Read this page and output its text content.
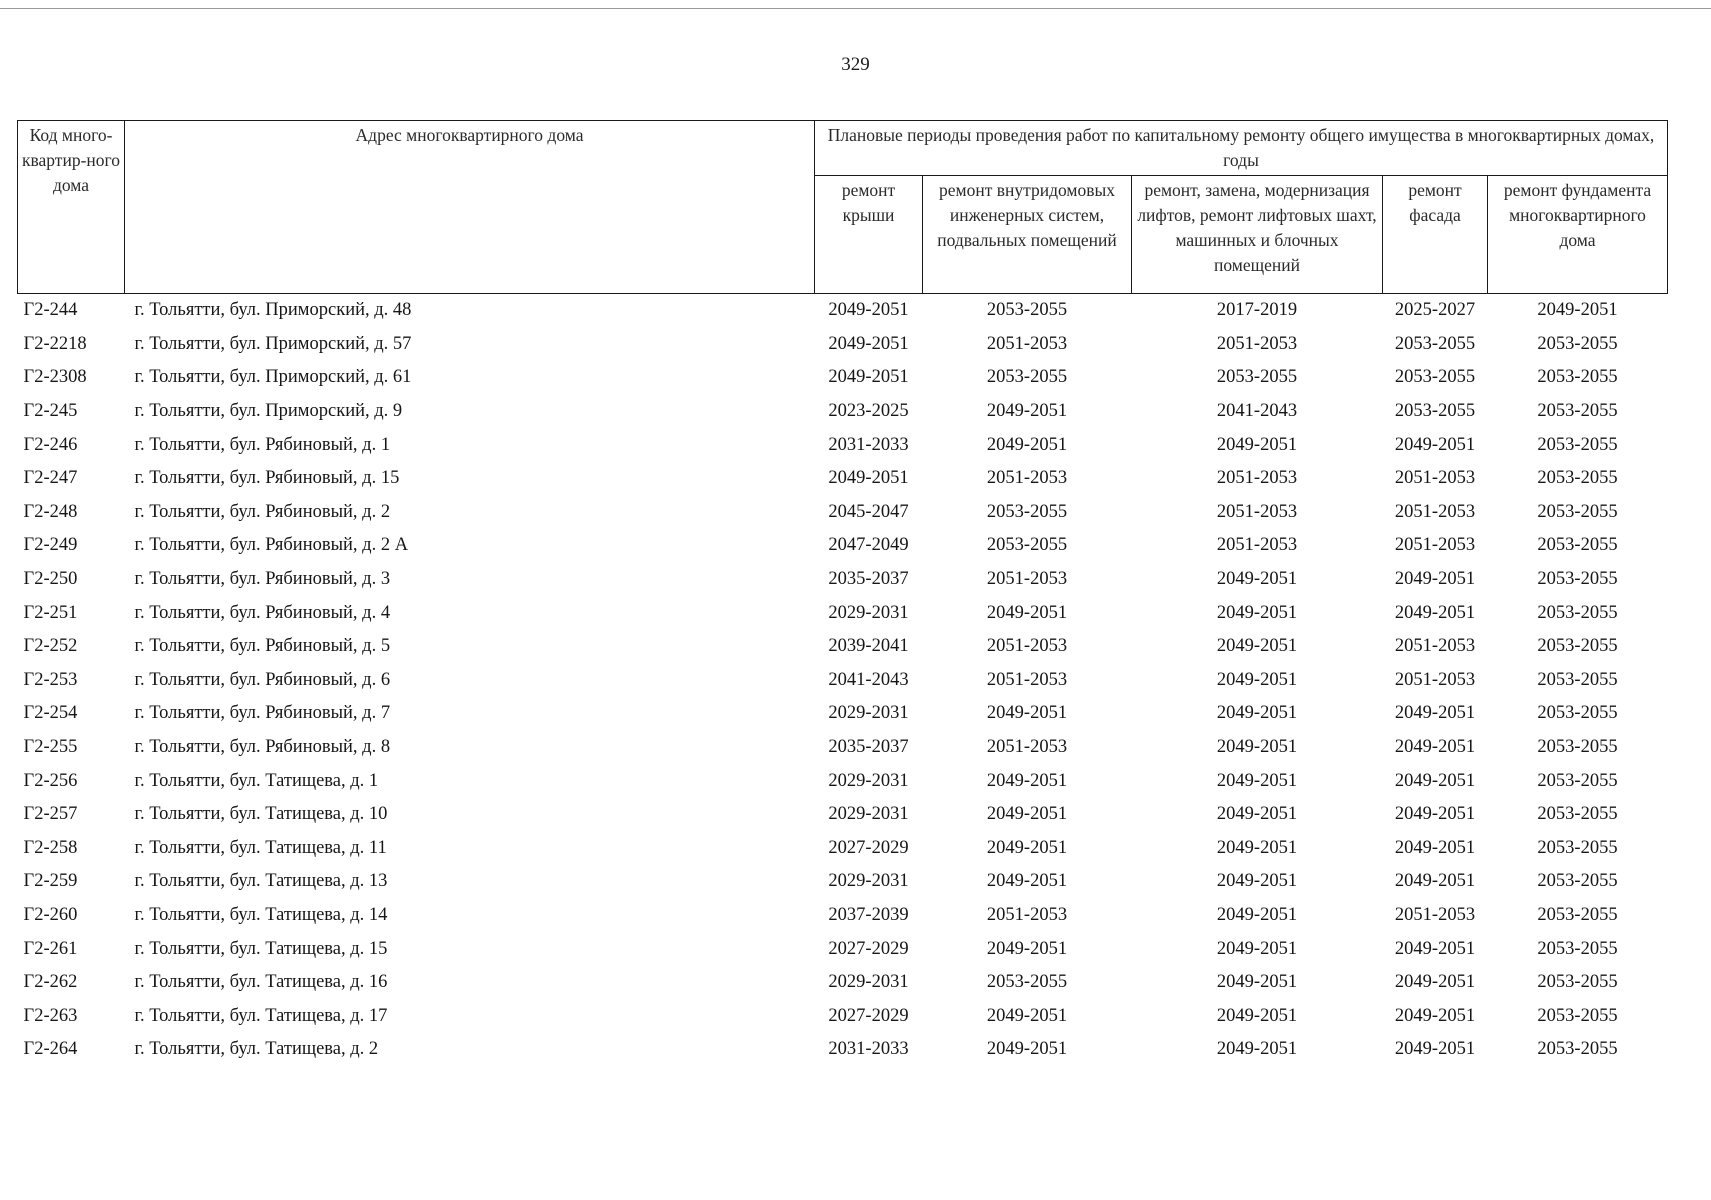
329
Код много-квартир-ного дома	Адрес многоквартирного дома	Плановые периоды проведения работ по капитальному ремонту общего имущества в многоквартирных домах, годы				
		ремонт крыши	ремонт внутридомовых инженерных систем, подвальных помещений	ремонт, замена, модернизация лифтов, ремонт лифтовых шахт, машинных и блочных помещений	ремонт фасада	ремонт фундамента многоквартирного дома
Г2-244	г. Тольятти, бул. Приморский, д. 48	2049-2051	2053-2055	2017-2019	2025-2027	2049-2051
Г2-2218	г. Тольятти, бул. Приморский, д. 57	2049-2051	2051-2053	2051-2053	2053-2055	2053-2055
Г2-2308	г. Тольятти, бул. Приморский, д. 61	2049-2051	2053-2055	2053-2055	2053-2055	2053-2055
Г2-245	г. Тольятти, бул. Приморский, д. 9	2023-2025	2049-2051	2041-2043	2053-2055	2053-2055
Г2-246	г. Тольятти, бул. Рябиновый, д. 1	2031-2033	2049-2051	2049-2051	2049-2051	2053-2055
Г2-247	г. Тольятти, бул. Рябиновый, д. 15	2049-2051	2051-2053	2051-2053	2051-2053	2053-2055
Г2-248	г. Тольятти, бул. Рябиновый, д. 2	2045-2047	2053-2055	2051-2053	2051-2053	2053-2055
Г2-249	г. Тольятти, бул. Рябиновый, д. 2 А	2047-2049	2053-2055	2051-2053	2051-2053	2053-2055
Г2-250	г. Тольятти, бул. Рябиновый, д. 3	2035-2037	2051-2053	2049-2051	2049-2051	2053-2055
Г2-251	г. Тольятти, бул. Рябиновый, д. 4	2029-2031	2049-2051	2049-2051	2049-2051	2053-2055
Г2-252	г. Тольятти, бул. Рябиновый, д. 5	2039-2041	2051-2053	2049-2051	2051-2053	2053-2055
Г2-253	г. Тольятти, бул. Рябиновый, д. 6	2041-2043	2051-2053	2049-2051	2051-2053	2053-2055
Г2-254	г. Тольятти, бул. Рябиновый, д. 7	2029-2031	2049-2051	2049-2051	2049-2051	2053-2055
Г2-255	г. Тольятти, бул. Рябиновый, д. 8	2035-2037	2051-2053	2049-2051	2049-2051	2053-2055
Г2-256	г. Тольятти, бул. Татищева, д. 1	2029-2031	2049-2051	2049-2051	2049-2051	2053-2055
Г2-257	г. Тольятти, бул. Татищева, д. 10	2029-2031	2049-2051	2049-2051	2049-2051	2053-2055
Г2-258	г. Тольятти, бул. Татищева, д. 11	2027-2029	2049-2051	2049-2051	2049-2051	2053-2055
Г2-259	г. Тольятти, бул. Татищева, д. 13	2029-2031	2049-2051	2049-2051	2049-2051	2053-2055
Г2-260	г. Тольятти, бул. Татищева, д. 14	2037-2039	2051-2053	2049-2051	2051-2053	2053-2055
Г2-261	г. Тольятти, бул. Татищева, д. 15	2027-2029	2049-2051	2049-2051	2049-2051	2053-2055
Г2-262	г. Тольятти, бул. Татищева, д. 16	2029-2031	2053-2055	2049-2051	2049-2051	2053-2055
Г2-263	г. Тольятти, бул. Татищева, д. 17	2027-2029	2049-2051	2049-2051	2049-2051	2053-2055
Г2-264	г. Тольятти, бул. Татищева, д. 2	2031-2033	2049-2051	2049-2051	2049-2051	2053-2055
